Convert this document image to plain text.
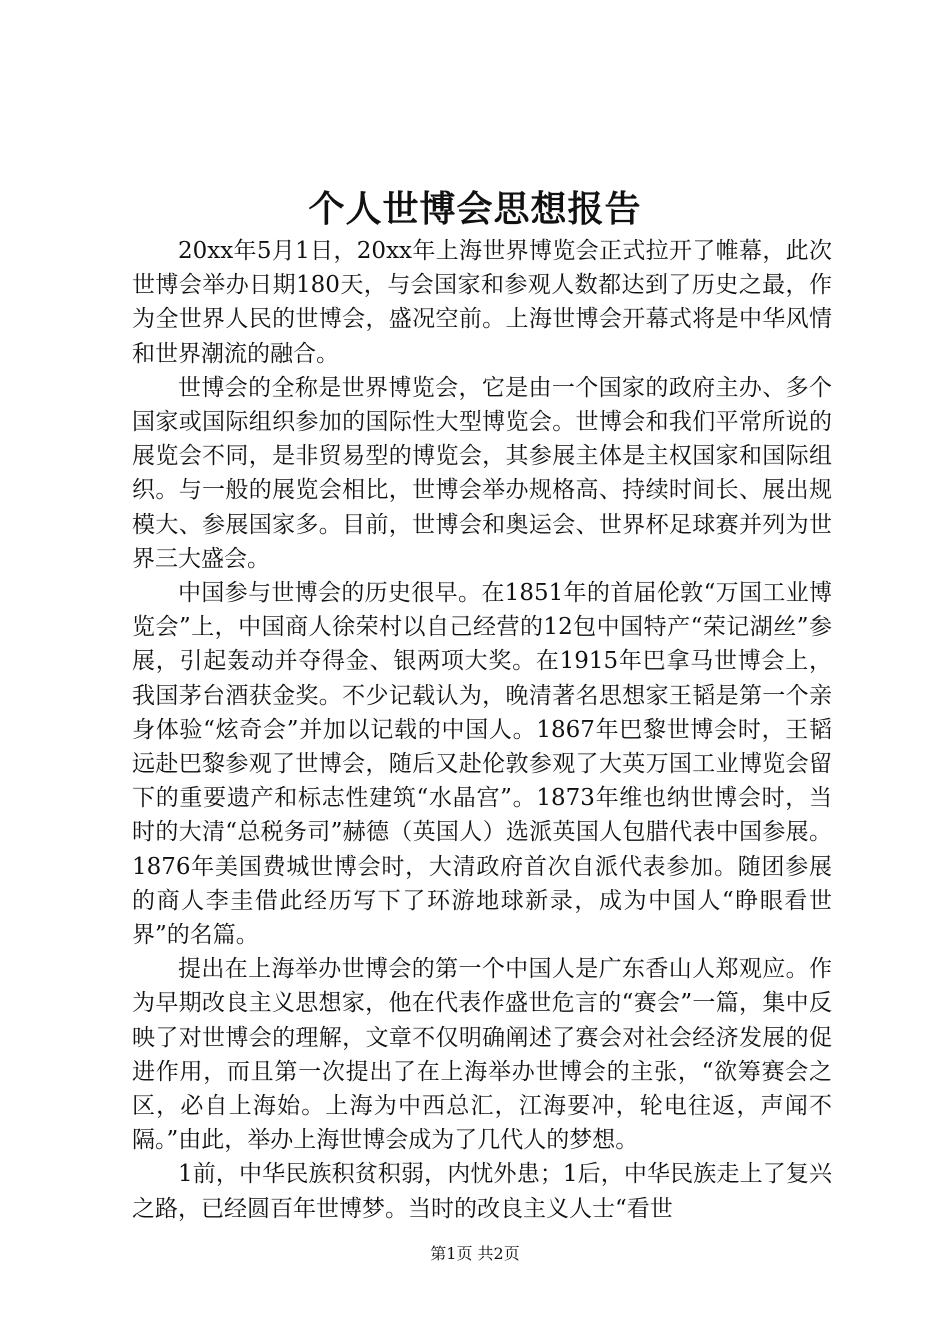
个人世博会思想报告

20xx年5月1日，20xx年上海世界博览会正式拉开了帷幕，此次世博会举办日期180天，与会国家和参观人数都达到了历史之最，作为全世界人民的世博会，盛况空前。上海世博会开幕式将是中华风情和世界潮流的融合。

世博会的全称是世界博览会，它是由一个国家的政府主办、多个国家或国际组织参加的国际性大型博览会。世博会和我们平常所说的展览会不同，是非贸易型的博览会，其参展主体是主权国家和国际组织。与一般的展览会相比，世博会举办规格高、持续时间长、展出规模大、参展国家多。目前，世博会和奥运会、世界杯足球赛并列为世界三大盛会。

中国参与世博会的历史很早。在1851年的首届伦敦“万国工业博览会”上，中国商人徐荣村以自己经营的12包中国特产“荣记湖丝”参展，引起轰动并夺得金、银两项大奖。在1915年巴拿马世博会上，我国茅台酒获金奖。不少记载认为，晚清著名思想家王韬是第一个亲身体验“炫奇会”并加以记载的中国人。1867年巴黎世博会时，王韬远赴巴黎参观了世博会，随后又赴伦敦参观了大英万国工业博览会留下的重要遗产和标志性建筑“水晶宫”。1873年维也纳世博会时，当时的大清“总税务司”赫德（英国人）选派英国人包腊代表中国参展。1876年美国费城世博会时，大清政府首次自派代表参加。随团参展的商人李圭借此经历写下了环游地球新录，成为中国人“睁眼看世界”的名篇。

提出在上海举办世博会的第一个中国人是广东香山人郑观应。作为早期改良主义思想家，他在代表作盛世危言的“赛会”一篇，集中反映了对世博会的理解，文章不仅明确阐述了赛会对社会经济发展的促进作用，而且第一次提出了在上海举办世博会的主张，“欲筹赛会之区，必自上海始。上海为中西总汇，江海要冲，轮电往返，声闻不隔。”由此，举办上海世博会成为了几代人的梦想。

1前，中华民族积贫积弱，内忧外患；1后，中华民族走上了复兴之路，已经圆百年世博梦。当时的改良主义人士“看世

第1页 共2页
